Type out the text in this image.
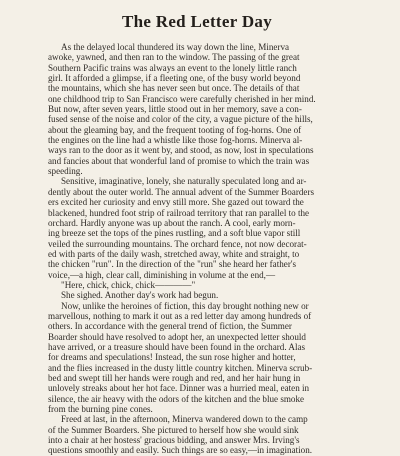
The Red Letter Day
As the delayed local thundered its way down the line, Minerva
awoke, yawned, and then ran to the window. The passing of the great
Southern Pacific trains was always an event to the lonely little ranch
girl. It afforded a glimpse, if a fleeting one, of the busy world beyond
the mountains, which she has never seen but once. The details of that
one childhood trip to San Francisco were carefully cherished in her mind.
But now, after seven years, little stood out in her memory, save a con-
fused sense of the noise and color of the city, a vague picture of the hills,
about the gleaming bay, and the frequent tooting of fog-horns. One of
the engines on the line had a whistle like those fog-horns. Minerva al-
ways ran to the door as it went by, and stood, as now, lost in speculations
and fancies about that wonderful land of promise to which the train was
speeding.
Sensitive, imaginative, lonely, she naturally speculated long and ar-
dently about the outer world. The annual advent of the Summer Boarders
ers excited her curiosity and envy still more. She gazed out toward the
blackened, hundred foot strip of railroad territory that ran parallel to the
orchard. Hardly anyone was up about the ranch. A cool, early morn-
ing breeze set the tops of the pines rustling, and a soft blue vapor still
veiled the surrounding mountains. The orchard fence, not now decorat-
ed with parts of the daily wash, stretched away, white and straight, to
the chicken "run". In the direction of the "run" she heard her father's
voice,—a high, clear call, diminishing in volume at the end,—
"Here, chick, chick, chick————"
She sighed. Another day's work had begun.
Now, unlike the heroines of fiction, this day brought nothing new or
marvellous, nothing to mark it out as a red letter day among hundreds of
others. In accordance with the general trend of fiction, the Summer
Boarder should have resolved to adopt her, an unexpected letter should
have arrived, or a treasure should have been found in the orchard. Alas
for dreams and speculations! Instead, the sun rose higher and hotter,
and the flies increased in the dusty little country kitchen. Minerva scrub-
bed and swept till her hands were rough and red, and her hair hung in
unlovely streaks about her hot face. Dinner was a hurried meal, eaten in
silence, the air heavy with the odors of the kitchen and the blue smoke
from the burning pine cones.
Freed at last, in the afternoon, Minerva wandered down to the camp
of the Summer Boarders. She pictured to herself how she would sink
into a chair at her hostess' gracious bidding, and answer Mrs. Irving's
questions smoothly and easily. Such things are so easy,—in imagination.
